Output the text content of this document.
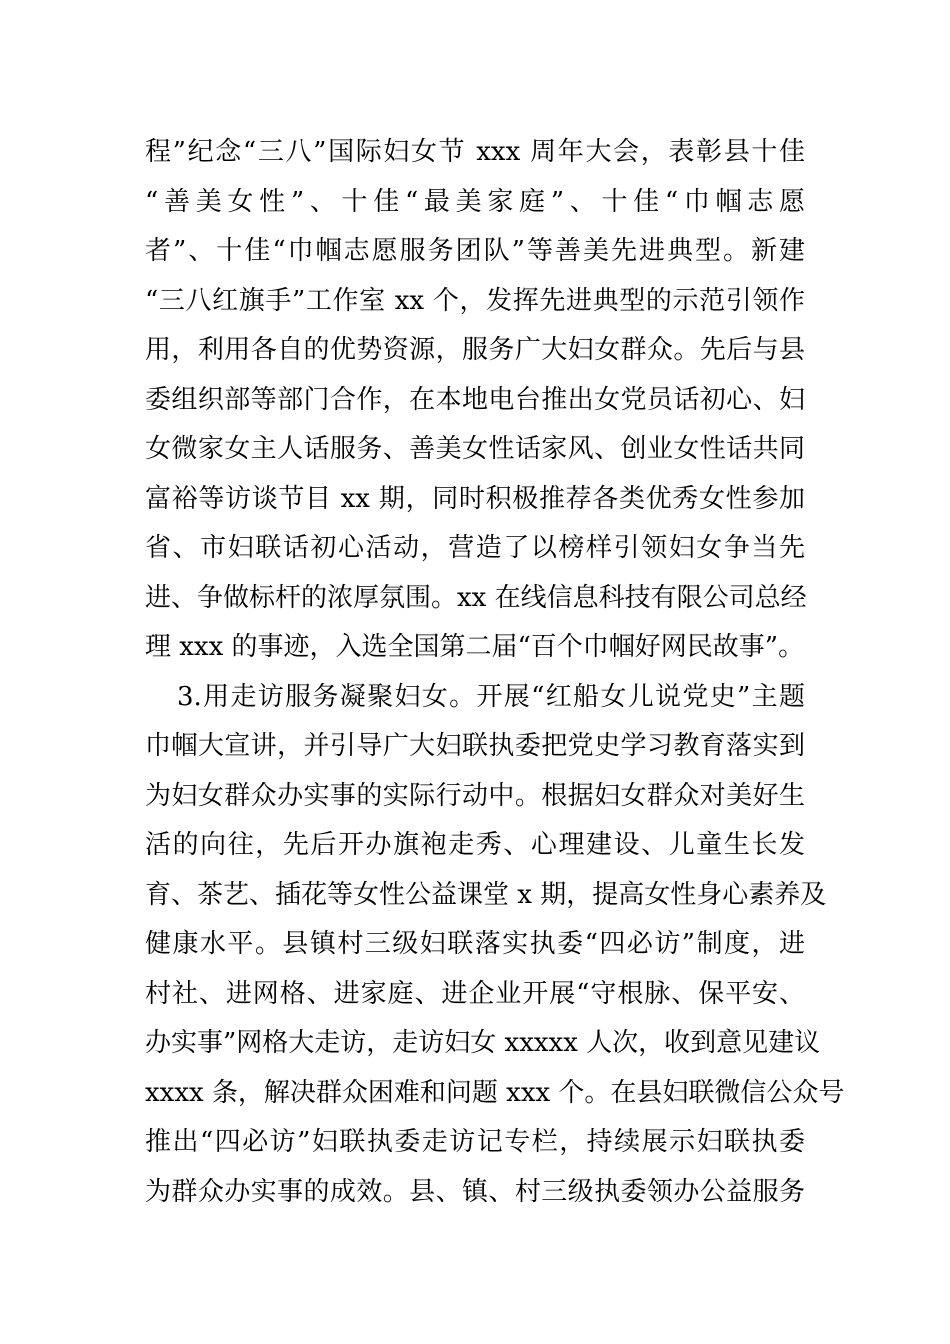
程”纪念“三八”国际妇女节 xxx 周年大会，表彰县十佳
“善美女性”、十佳“最美家庭”、十佳“巾帼志愿
者”、十佳“巾帼志愿服务团队”等善美先进典型。新建
“三八红旗手”工作室 xx 个，发挥先进典型的示范引领作
用，利用各自的优势资源，服务广大妇女群众。先后与县
委组织部等部门合作，在本地电台推出女党员话初心、妇
女微家女主人话服务、善美女性话家风、创业女性话共同
富裕等访谈节目 xx 期，同时积极推荐各类优秀女性参加
省、市妇联话初心活动，营造了以榜样引领妇女争当先
进、争做标杆的浓厚氛围。xx 在线信息科技有限公司总经
理 xxx 的事迹，入选全国第二届“百个巾帼好网民故事”。
3.用走访服务凝聚妇女。开展“红船女儿说党史”主题
巾帼大宣讲，并引导广大妇联执委把党史学习教育落实到
为妇女群众办实事的实际行动中。根据妇女群众对美好生
活的向往，先后开办旗袍走秀、心理建设、儿童生长发
育、茶艺、插花等女性公益课堂 x 期，提高女性身心素养及
健康水平。县镇村三级妇联落实执委“四必访”制度，进
村社、进网格、进家庭、进企业开展“守根脉、保平安、
办实事”网格大走访，走访妇女 xxxxx 人次，收到意见建议
xxxx 条，解决群众困难和问题 xxx 个。在县妇联微信公众号
推出“四必访”妇联执委走访记专栏，持续展示妇联执委
为群众办实事的成效。县、镇、村三级执委领办公益服务
